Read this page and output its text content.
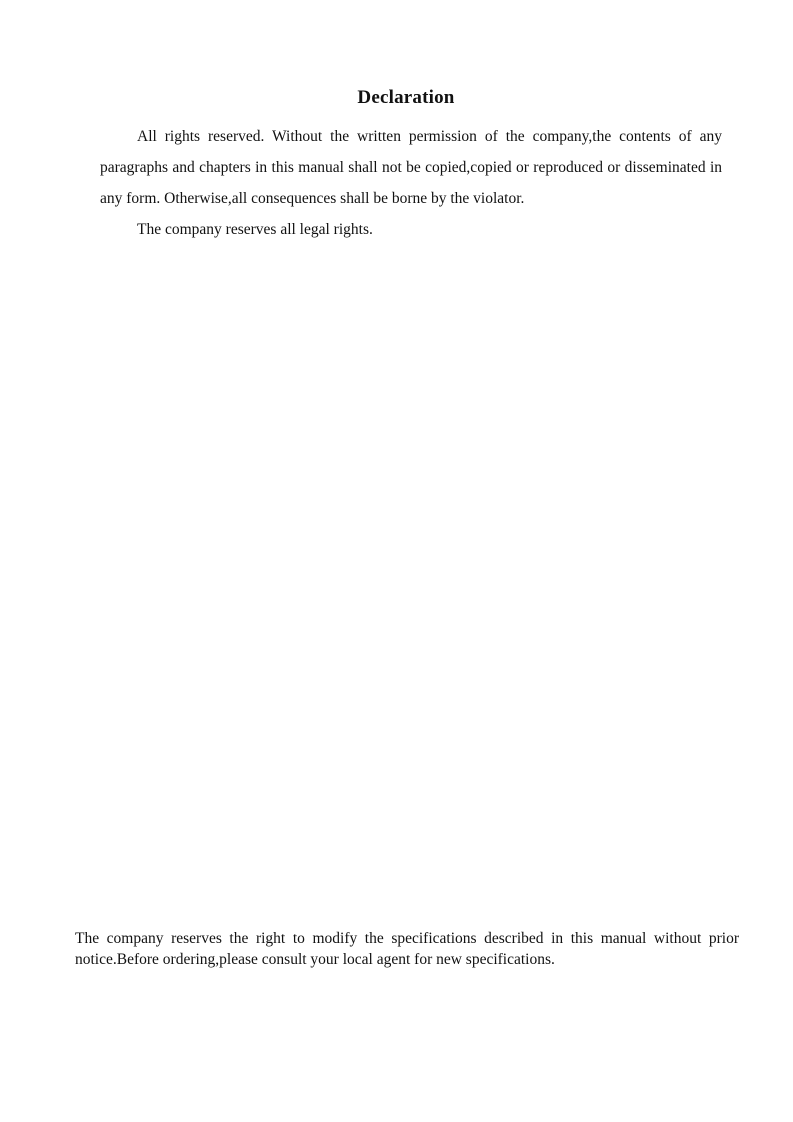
Declaration

All rights reserved. Without the written permission of the company,the contents of any paragraphs and chapters in this manual shall not be copied,copied or reproduced or disseminated in any form. Otherwise,all consequences shall be borne by the violator.

The company reserves all legal rights.

The company reserves the right to modify the specifications described in this manual without prior notice.Before ordering,please consult your local agent for new specifications.
